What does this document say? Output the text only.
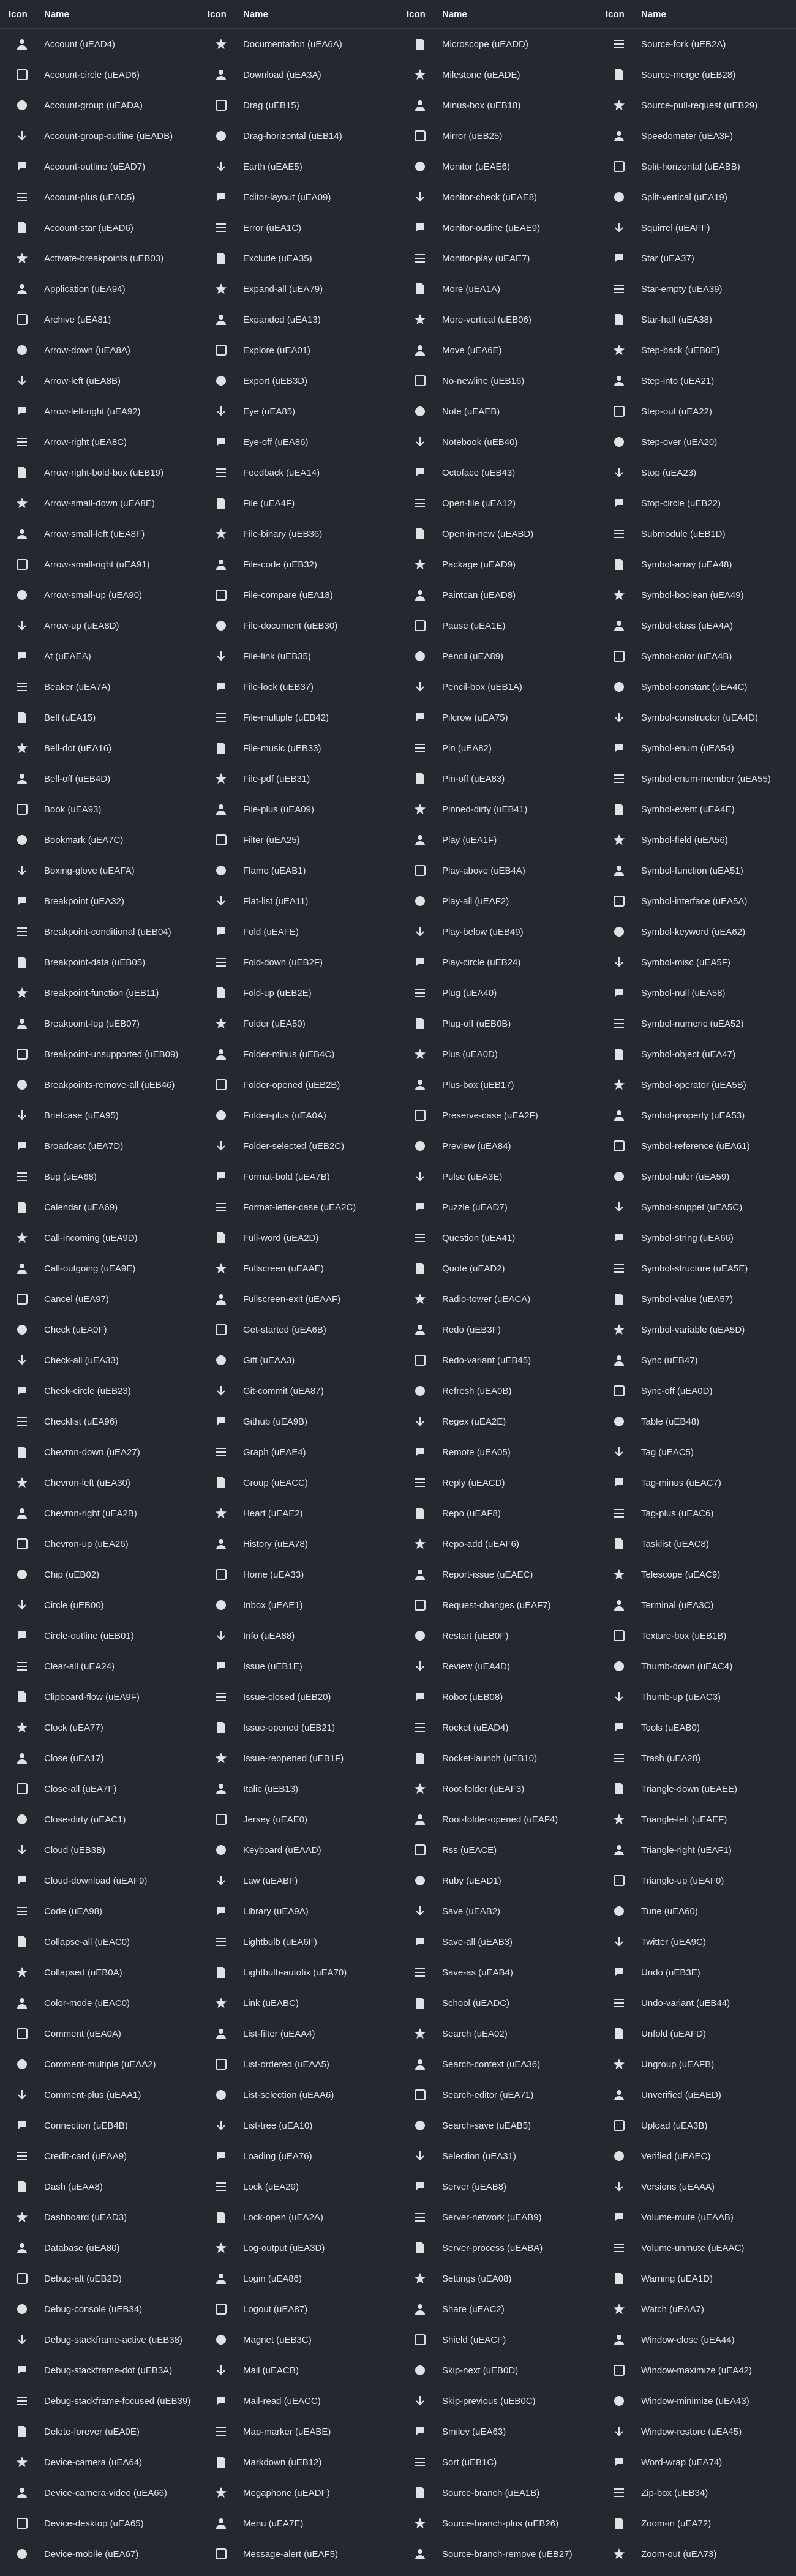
Icon	Name
Account (uEAD4)
Account-circle (uEAD6)
Account-group (uEADA)
Account-group-outline (uEADB)
Account-outline (uEAD7)
Account-plus (uEAD5)
Account-star (uEAD6)
Activate-breakpoints (uEB03)
Application (uEA94)
Archive (uEA81)
Arrow-down (uEA8A)
Arrow-left (uEA8B)
Arrow-left-right (uEA92)
Arrow-right (uEA8C)
Arrow-right-bold-box (uEB19)
Arrow-small-down (uEA8E)
Arrow-small-left (uEA8F)
Arrow-small-right (uEA91)
Arrow-small-up (uEA90)
Arrow-up (uEA8D)
At (uEAEA)
Beaker (uEA7A)
Bell (uEA15)
Bell-dot (uEA16)
Bell-off (uEB4D)
Book (uEA93)
Bookmark (uEA7C)
Boxing-glove (uEAFA)
Breakpoint (uEA32)
Breakpoint-conditional (uEB04)
Breakpoint-data (uEB05)
Breakpoint-function (uEB11)
Breakpoint-log (uEB07)
Breakpoint-unsupported (uEB09)
Breakpoints-remove-all (uEB46)
Briefcase (uEA95)
Broadcast (uEA7D)
Bug (uEA68)
Calendar (uEA69)
Call-incoming (uEA9D)
Call-outgoing (uEA9E)
Cancel (uEA97)
Check (uEA0F)
Check-all (uEA33)
Check-circle (uEB23)
Checklist (uEA96)
Chevron-down (uEA27)
Chevron-left (uEA30)
Chevron-right (uEA2B)
Chevron-up (uEA26)
Chip (uEB02)
Circle (uEB00)
Circle-outline (uEB01)
Clear-all (uEA24)
Clipboard-flow (uEA9F)
Clock (uEA77)
Close (uEA17)
Close-all (uEA7F)
Close-dirty (uEAC1)
Cloud (uEB3B)
Cloud-download (uEAF9)
Code (uEA98)
Collapse-all (uEAC0)
Collapsed (uEB0A)
Color-mode (uEAC0)
Comment (uEA0A)
Comment-multiple (uEAA2)
Comment-plus (uEAA1)
Connection (uEB4B)
Credit-card (uEAA9)
Dash (uEAA8)
Dashboard (uEAD3)
Database (uEA80)
Debug-alt (uEB2D)
Debug-console (uEB34)
Debug-stackframe-active (uEB38)
Debug-stackframe-dot (uEB3A)
Debug-stackframe-focused (uEB39)
Delete-forever (uEA0E)
Device-camera (uEA64)
Device-camera-video (uEA66)
Device-desktop (uEA65)
Device-mobile (uEA67)
Icon	Name
Documentation (uEA6A)
Download (uEA3A)
Drag (uEB15)
Drag-horizontal (uEB14)
Earth (uEAE5)
Editor-layout (uEA09)
Error (uEA1C)
Exclude (uEA35)
Expand-all (uEA79)
Expanded (uEA13)
Explore (uEA01)
Export (uEB3D)
Eye (uEA85)
Eye-off (uEA86)
Feedback (uEA14)
File (uEA4F)
File-binary (uEB36)
File-code (uEB32)
File-compare (uEA18)
File-document (uEB30)
File-link (uEB35)
File-lock (uEB37)
File-multiple (uEB42)
File-music (uEB33)
File-pdf (uEB31)
File-plus (uEA09)
Filter (uEA25)
Flame (uEAB1)
Flat-list (uEA11)
Fold (uEAFE)
Fold-down (uEB2F)
Fold-up (uEB2E)
Folder (uEA50)
Folder-minus (uEB4C)
Folder-opened (uEB2B)
Folder-plus (uEA0A)
Folder-selected (uEB2C)
Format-bold (uEA7B)
Format-letter-case (uEA2C)
Full-word (uEA2D)
Fullscreen (uEAAE)
Fullscreen-exit (uEAAF)
Get-started (uEA6B)
Gift (uEAA3)
Git-commit (uEA87)
Github (uEA9B)
Graph (uEAE4)
Group (uEACC)
Heart (uEAE2)
History (uEA78)
Home (uEA33)
Inbox (uEAE1)
Info (uEA88)
Issue (uEB1E)
Issue-closed (uEB20)
Issue-opened (uEB21)
Issue-reopened (uEB1F)
Italic (uEB13)
Jersey (uEAE0)
Keyboard (uEAAD)
Law (uEABF)
Library (uEA9A)
Lightbulb (uEA6F)
Lightbulb-autofix (uEA70)
Link (uEABC)
List-filter (uEAA4)
List-ordered (uEAA5)
List-selection (uEAA6)
List-tree (uEA10)
Loading (uEA76)
Lock (uEA29)
Lock-open (uEA2A)
Log-output (uEA3D)
Login (uEA86)
Logout (uEA87)
Magnet (uEB3C)
Mail (uEACB)
Mail-read (uEACC)
Map-marker (uEABE)
Markdown (uEB12)
Megaphone (uEADF)
Menu (uEA7E)
Message-alert (uEAF5)
Icon	Name
Microscope (uEADD)
Milestone (uEADE)
Minus-box (uEB18)
Mirror (uEB25)
Monitor (uEAE6)
Monitor-check (uEAE8)
Monitor-outline (uEAE9)
Monitor-play (uEAE7)
More (uEA1A)
More-vertical (uEB06)
Move (uEA6E)
No-newline (uEB16)
Note (uEAEB)
Notebook (uEB40)
Octoface (uEB43)
Open-file (uEA12)
Open-in-new (uEABD)
Package (uEAD9)
Paintcan (uEAD8)
Pause (uEA1E)
Pencil (uEA89)
Pencil-box (uEB1A)
Pilcrow (uEA75)
Pin (uEA82)
Pin-off (uEA83)
Pinned-dirty (uEB41)
Play (uEA1F)
Play-above (uEB4A)
Play-all (uEAF2)
Play-below (uEB49)
Play-circle (uEB24)
Plug (uEA40)
Plug-off (uEB0B)
Plus (uEA0D)
Plus-box (uEB17)
Preserve-case (uEA2F)
Preview (uEA84)
Pulse (uEA3E)
Puzzle (uEAD7)
Question (uEA41)
Quote (uEAD2)
Radio-tower (uEACA)
Redo (uEB3F)
Redo-variant (uEB45)
Refresh (uEA0B)
Regex (uEA2E)
Remote (uEA05)
Reply (uEACD)
Repo (uEAF8)
Repo-add (uEAF6)
Report-issue (uEAEC)
Request-changes (uEAF7)
Restart (uEB0F)
Review (uEA4D)
Robot (uEB08)
Rocket (uEAD4)
Rocket-launch (uEB10)
Root-folder (uEAF3)
Root-folder-opened (uEAF4)
Rss (uEACE)
Ruby (uEAD1)
Save (uEAB2)
Save-all (uEAB3)
Save-as (uEAB4)
School (uEADC)
Search (uEA02)
Search-context (uEA36)
Search-editor (uEA71)
Search-save (uEAB5)
Selection (uEA31)
Server (uEAB8)
Server-network (uEAB9)
Server-process (uEABA)
Settings (uEA08)
Share (uEAC2)
Shield (uEACF)
Skip-next (uEB0D)
Skip-previous (uEB0C)
Smiley (uEA63)
Sort (uEB1C)
Source-branch (uEA1B)
Source-branch-plus (uEB26)
Source-branch-remove (uEB27)
Icon	Name
Source-fork (uEB2A)
Source-merge (uEB28)
Source-pull-request (uEB29)
Speedometer (uEA3F)
Split-horizontal (uEABB)
Split-vertical (uEA19)
Squirrel (uEAFF)
Star (uEA37)
Star-empty (uEA39)
Star-half (uEA38)
Step-back (uEB0E)
Step-into (uEA21)
Step-out (uEA22)
Step-over (uEA20)
Stop (uEA23)
Stop-circle (uEB22)
Submodule (uEB1D)
Symbol-array (uEA48)
Symbol-boolean (uEA49)
Symbol-class (uEA4A)
Symbol-color (uEA4B)
Symbol-constant (uEA4C)
Symbol-constructor (uEA4D)
Symbol-enum (uEA54)
Symbol-enum-member (uEA55)
Symbol-event (uEA4E)
Symbol-field (uEA56)
Symbol-function (uEA51)
Symbol-interface (uEA5A)
Symbol-keyword (uEA62)
Symbol-misc (uEA5F)
Symbol-null (uEA58)
Symbol-numeric (uEA52)
Symbol-object (uEA47)
Symbol-operator (uEA5B)
Symbol-property (uEA53)
Symbol-reference (uEA61)
Symbol-ruler (uEA59)
Symbol-snippet (uEA5C)
Symbol-string (uEA66)
Symbol-structure (uEA5E)
Symbol-value (uEA57)
Symbol-variable (uEA5D)
Sync (uEB47)
Sync-off (uEA0D)
Table (uEB48)
Tag (uEAC5)
Tag-minus (uEAC7)
Tag-plus (uEAC6)
Tasklist (uEAC8)
Telescope (uEAC9)
Terminal (uEA3C)
Texture-box (uEB1B)
Thumb-down (uEAC4)
Thumb-up (uEAC3)
Tools (uEAB0)
Trash (uEA28)
Triangle-down (uEAEE)
Triangle-left (uEAEF)
Triangle-right (uEAF1)
Triangle-up (uEAF0)
Tune (uEA60)
Twitter (uEA9C)
Undo (uEB3E)
Undo-variant (uEB44)
Unfold (uEAFD)
Ungroup (uEAFB)
Unverified (uEAED)
Upload (uEA3B)
Verified (uEAEC)
Versions (uEAAA)
Volume-mute (uEAAB)
Volume-unmute (uEAAC)
Warning (uEA1D)
Watch (uEAA7)
Window-close (uEA44)
Window-maximize (uEA42)
Window-minimize (uEA43)
Window-restore (uEA45)
Word-wrap (uEA74)
Zip-box (uEB34)
Zoom-in (uEA72)
Zoom-out (uEA73)
